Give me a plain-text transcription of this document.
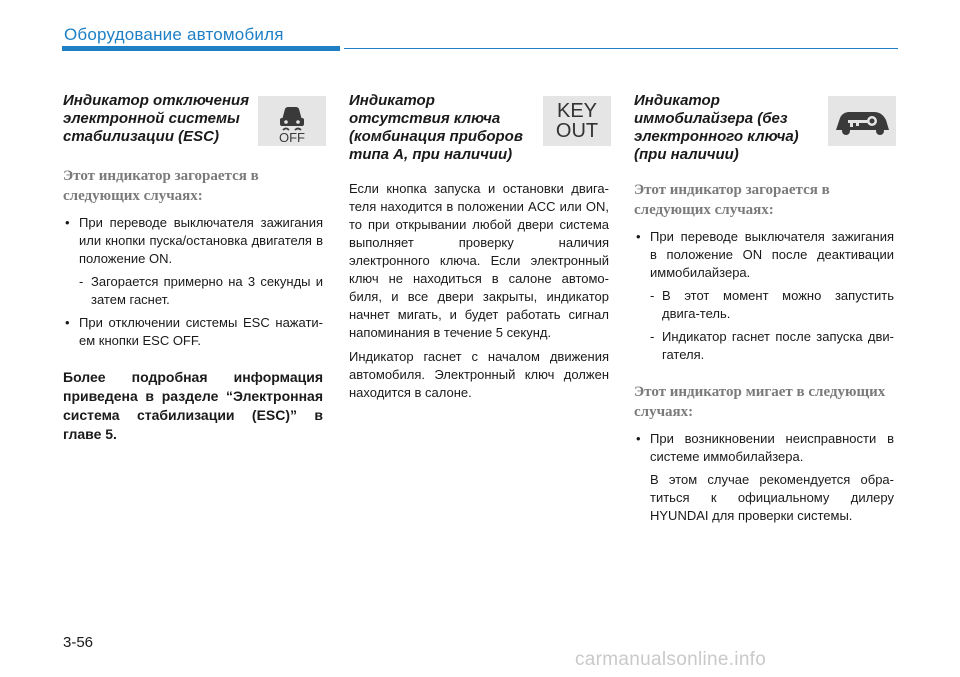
Оборудование автомобиля
Индикатор отключения
электронной системы
стабилизации (ESC)
Этот индикатор загорается в
следующих случаях:
• При переводе выключателя зажигания или кнопки пуска/остановка двигателя в положение ON.
- Загорается примерно на 3 секунды и затем гаснет.
• При отключении системы ESC нажати-ем кнопки ESC OFF.
Более подробная информация приведена в разделе “Электронная система стабилизации (ESC)” в главе 5.
OFF
Индикатор
отсутствия ключа
(комбинация приборов
типа A, при наличии)

Если кнопка запуска и остановки двига-теля находится в положении ACC или ON, то при открывании любой двери система выполняет проверку наличия электронного ключа. Если электронный ключ не находиться в салоне автомо-биля, и все двери закрыты, индикатор начнет мигать, и будет работать сигнал напоминания в течение 5 секунд.

Индикатор гаснет с началом движения автомобиля. Электронный ключ должен находится в салоне.

KEY
OUT
Индикатор
иммобилайзера (без
электронного ключа)
(при наличии)
Этот индикатор загорается в
следующих случаях:
• При переводе выключателя зажигания в положение ON после деактивации иммобилайзера.
- В этот момент можно запустить двига-тель.
- Индикатор гаснет после запуска дви-гателя.
Этот индикатор мигает в следующих
случаях:
• При возникновении неисправности в системе иммобилайзера.
В этом случае рекомендуется обра-титься к официальному дилеру HYUNDAI для проверки системы.
3-56
carmanualsonline.info
